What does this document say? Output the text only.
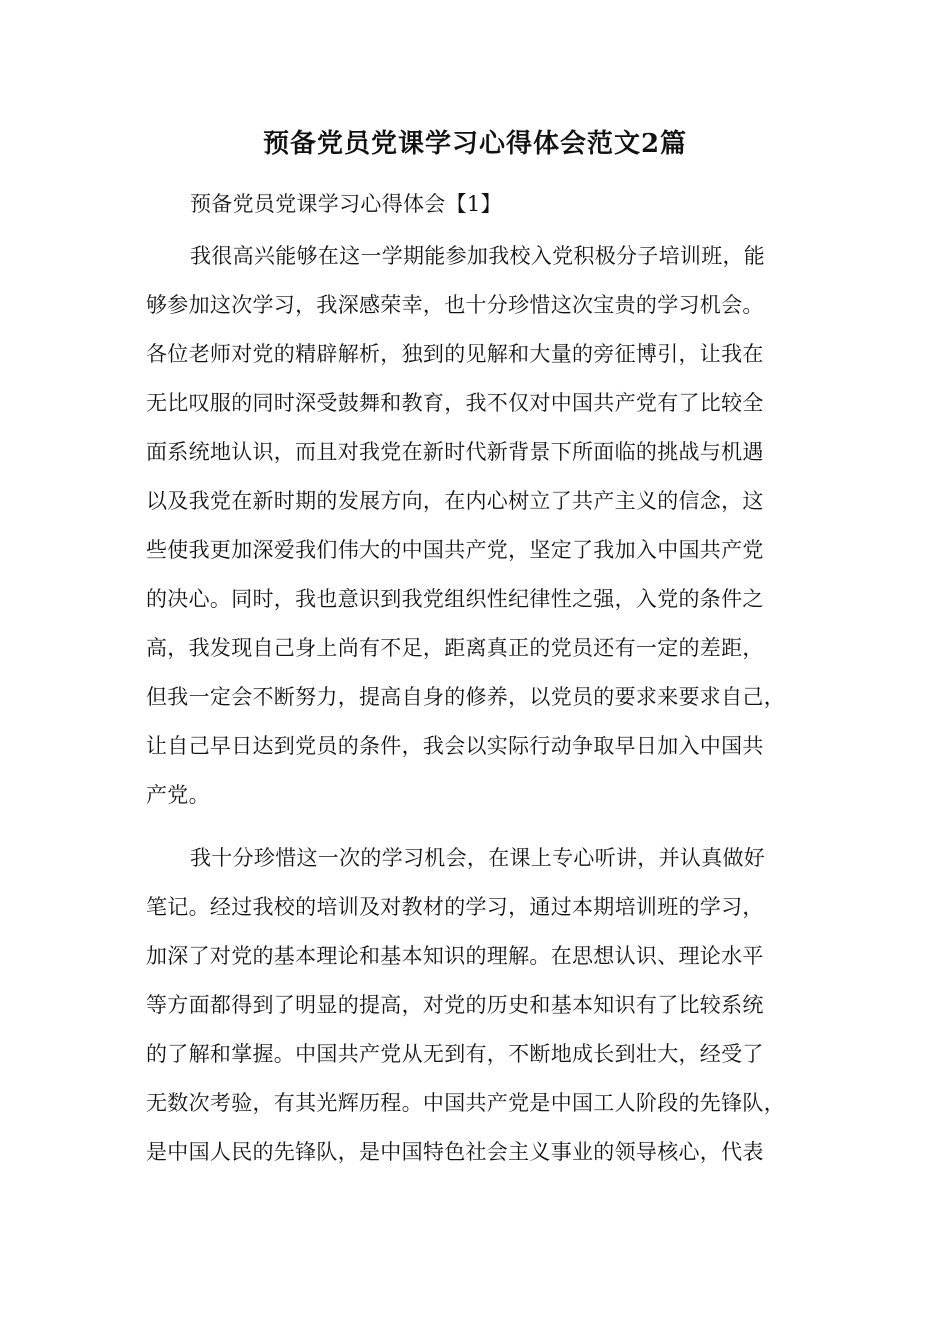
预备党员党课学习心得体会范文2篇
预备党员党课学习心得体会【1】
我很高兴能够在这一学期能参加我校入党积极分子培训班，能
够参加这次学习，我深感荣幸，也十分珍惜这次宝贵的学习机会。
各位老师对党的精辟解析，独到的见解和大量的旁征博引，让我在
无比叹服的同时深受鼓舞和教育，我不仅对中国共产党有了比较全
面系统地认识，而且对我党在新时代新背景下所面临的挑战与机遇
以及我党在新时期的发展方向，在内心树立了共产主义的信念，这
些使我更加深爱我们伟大的中国共产党，坚定了我加入中国共产党
的决心。同时，我也意识到我党组织性纪律性之强，入党的条件之
高，我发现自己身上尚有不足，距离真正的党员还有一定的差距，
但我一定会不断努力，提高自身的修养，以党员的要求来要求自己，
让自己早日达到党员的条件，我会以实际行动争取早日加入中国共
产党。
我十分珍惜这一次的学习机会，在课上专心听讲，并认真做好
笔记。经过我校的培训及对教材的学习，通过本期培训班的学习，
加深了对党的基本理论和基本知识的理解。在思想认识、理论水平
等方面都得到了明显的提高，对党的历史和基本知识有了比较系统
的了解和掌握。中国共产党从无到有，不断地成长到壮大，经受了
无数次考验，有其光辉历程。中国共产党是中国工人阶段的先锋队，
是中国人民的先锋队，是中国特色社会主义事业的领导核心，代表
